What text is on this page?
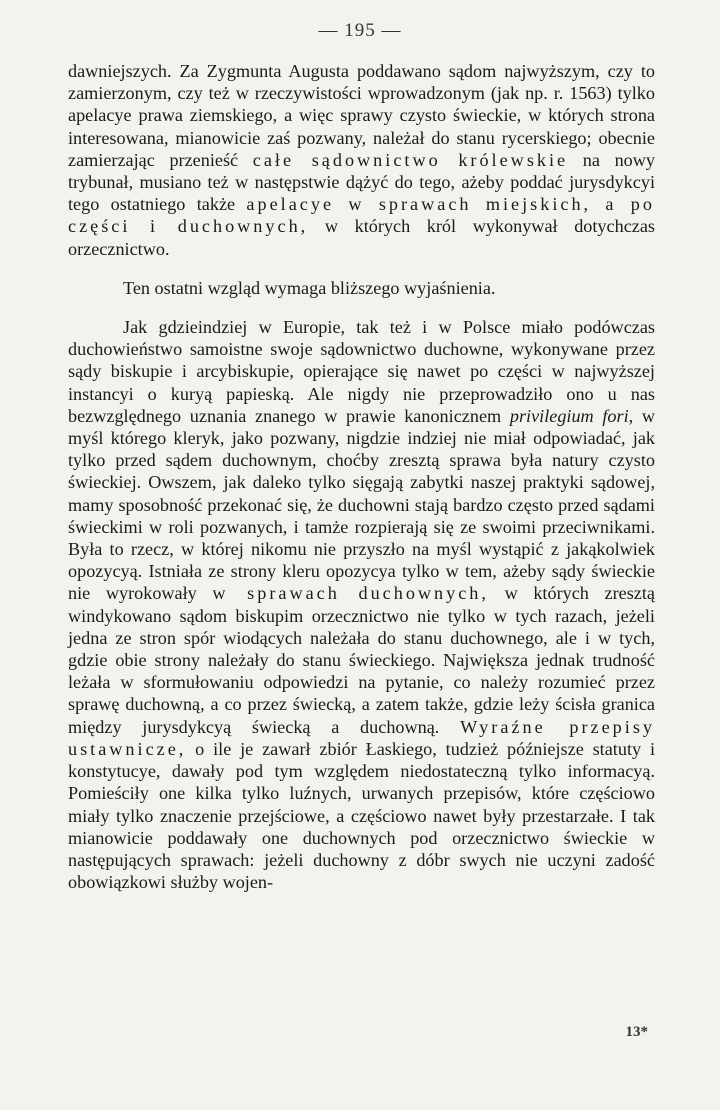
— 195 —

dawniejszych. Za Zygmunta Augusta poddawano sądom najwyższym, czy to zamierzonym, czy też w rzeczywistości wprowadzonym (jak np. r. 1563) tylko apelacye prawa ziemskiego, a więc sprawy czysto świeckie, w których strona interesowana, mianowicie zaś pozwany, należał do stanu rycerskiego; obecnie zamierzając przenieść całe sądownictwo królewskie na nowy trybunał, musiano też w następstwie dążyć do tego, ażeby poddać jurysdykcyi tego ostatniego także apelacye w sprawach miejskich, a po części i duchownych, w których król wykonywał dotychczas orzecznictwo.

Ten ostatni wzgląd wymaga bliższego wyjaśnienia.

Jak gdzieindziej w Europie, tak też i w Polsce miało podówczas duchowieństwo samoistne swoje sądownictwo duchowne, wykonywane przez sądy biskupie i arcybiskupie, opierające się nawet po części w najwyższej instancyi o kuryą papieską. Ale nigdy nie przeprowadziło ono u nas bezwzględnego uznania znanego w prawie kanonicznem privilegium fori, w myśl którego kleryk, jako pozwany, nigdzie indziej nie miał odpowiadać, jak tylko przed sądem duchownym, choćby zresztą sprawa była natury czysto świeckiej. Owszem, jak daleko tylko sięgają zabytki naszej praktyki sądowej, mamy sposobność przekonać się, że duchowni stają bardzo często przed sądami świeckimi w roli pozwanych, i tamże rozpierają się ze swoimi przeciwnikami. Była to rzecz, w której nikomu nie przyszło na myśl wystąpić z jakąkolwiek opozycyą. Istniała ze strony kleru opozycya tylko w tem, ażeby sądy świeckie nie wyrokowały w sprawach duchownych, w których zresztą windykowano sądom biskupim orzecznictwo nie tylko w tych razach, jeżeli jedna ze stron spór wiodących należała do stanu duchownego, ale i w tych, gdzie obie strony należały do stanu świeckiego. Największa jednak trudność leżała w sformułowaniu odpowiedzi na pytanie, co należy rozumieć przez sprawę duchowną, a co przez świecką, a zatem także, gdzie leży ścisła granica między jurysdykcyą świecką a duchowną. Wyraźne przepisy ustawnicze, o ile je zawarł zbiór Łaskiego, tudzież późniejsze statuty i konstytucye, dawały pod tym względem niedostateczną tylko informacyą. Pomieściły one kilka tylko luźnych, urwanych przepisów, które częściowo miały tylko znaczenie przejściowe, a częściowo nawet były przestarzałe. I tak mianowicie poddawały one duchownych pod orzecznictwo świeckie w następujących sprawach: jeżeli duchowny z dóbr swych nie uczyni zadość obowiązkowi służby wojen-

13*
